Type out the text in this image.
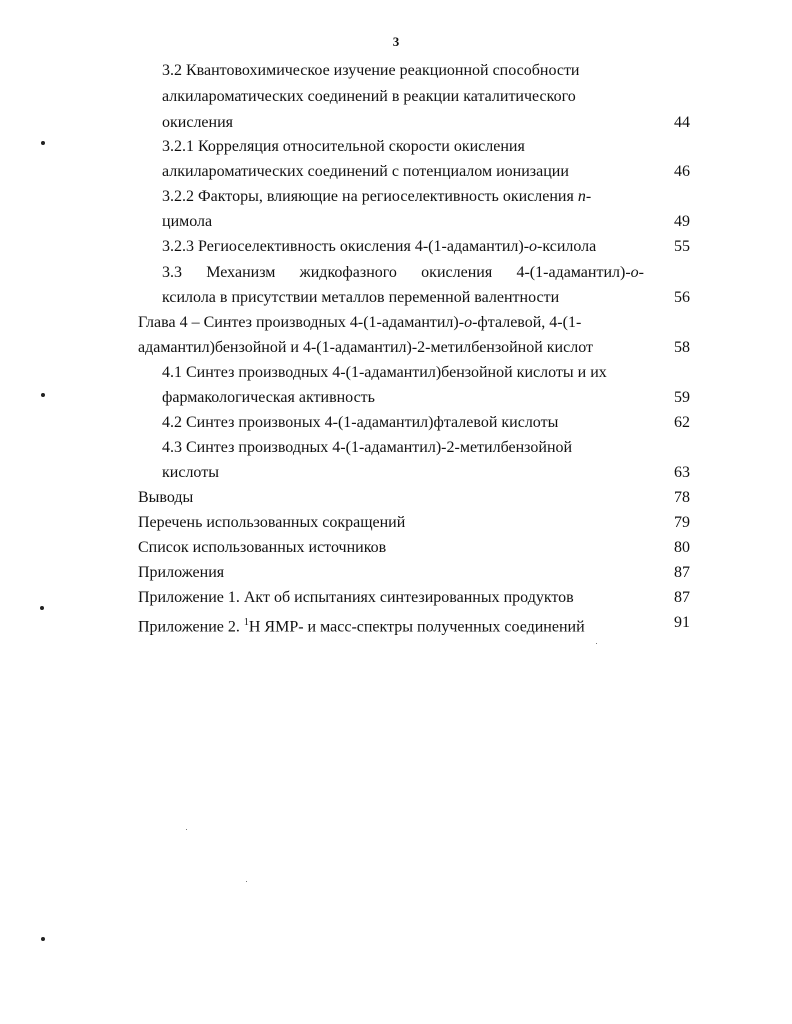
3
3.2 Квантовохимическое изучение реакционной способности
алкилароматических соединений в реакции каталитического
окисления	44
3.2.1 Корреляция относительной скорости окисления
алкилароматических соединений с потенциалом ионизации	46
3.2.2 Факторы, влияющие на региоселективность окисления п-
цимола	49
3.2.3 Региоселективность окисления 4-(1-адамантил)-о-ксилола	55
3.3 Механизм жидкофазного окисления 4-(1-адамантил)-о-
ксилола в присутствии металлов переменной валентности	56
Глава 4 – Синтез производных 4-(1-адамантил)-о-фталевой, 4-(1-
адамантил)бензойной и 4-(1-адамантил)-2-метилбензойной кислот	58
4.1 Синтез производных 4-(1-адамантил)бензойной кислоты и их
фармакологическая активность	59
4.2 Синтез произвоных 4-(1-адамантил)фталевой кислоты	62
4.3 Синтез производных 4-(1-адамантил)-2-метилбензойной
кислоты	63
Выводы	78
Перечень использованных сокращений	79
Список использованных источников	80
Приложения	87
Приложение 1. Акт об испытаниях синтезированных продуктов	87
Приложение 2. $^1$Н ЯМР- и масс-спектры полученных соединений	91
